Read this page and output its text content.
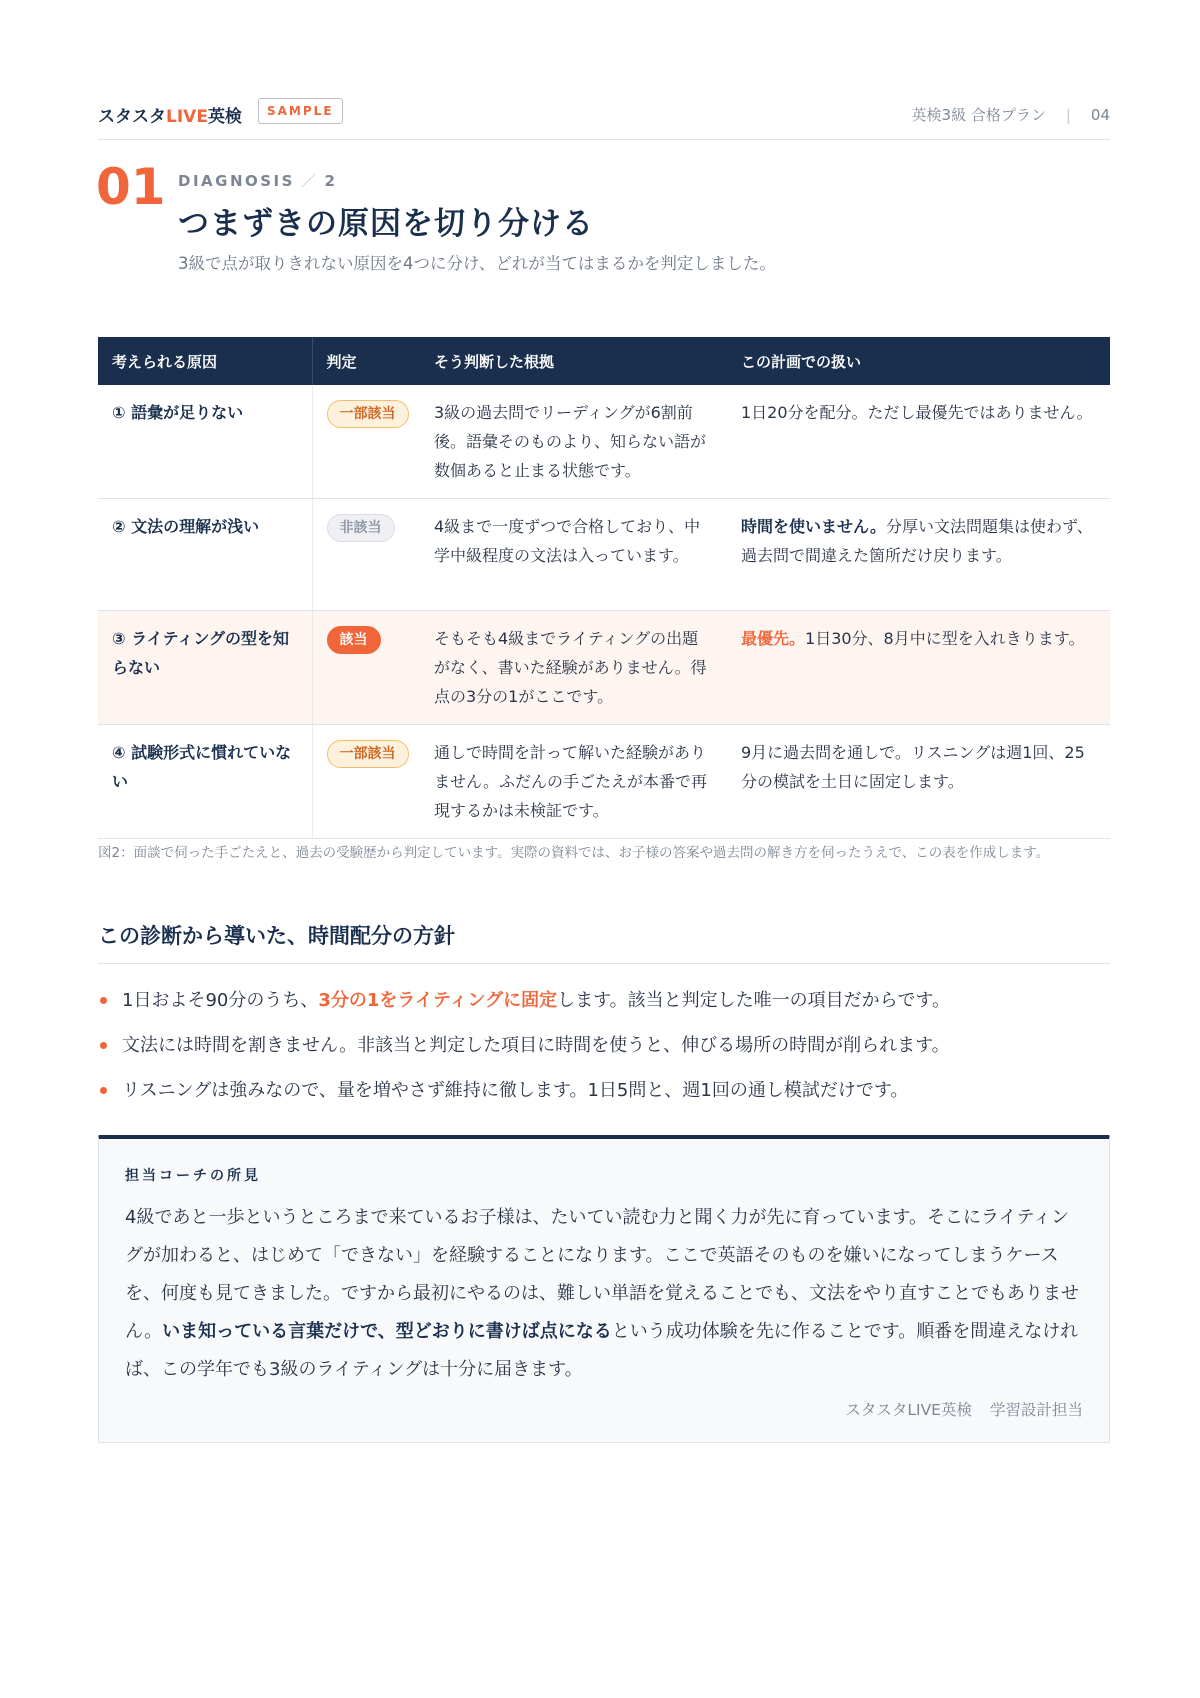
スタスタLIVE英検	SAMPLE	英検3級 合格プラン | 04
01 DIAGNOSIS ／ 2
つまずきの原因を切り分ける
3級で点が取りきれない原因を4つに分け、どれが当てはまるかを判定しました。
考えられる原因	判定	そう判断した根拠	この計画での扱い
① 語彙が足りない	一部該当	3級の過去問でリーディングが6割前後。語彙そのものより、知らない語が数個あると止まる状態です。	1日20分を配分。ただし最優先ではありません。
② 文法の理解が浅い	非該当	4級まで一度ずつで合格しており、中学中級程度の文法は入っています。	時間を使いません。分厚い文法問題集は使わず、過去問で間違えた箇所だけ戻ります。
③ ライティングの型を知らない	該当	そもそも4級までライティングの出題がなく、書いた経験がありません。得点の3分の1がここです。	最優先。1日30分、8月中に型を入れきります。
④ 試験形式に慣れていない	一部該当	通しで時間を計って解いた経験がありません。ふだんの手ごたえが本番で再現するかは未検証です。	9月に過去問を通しで。リスニングは週1回、25分の模試を土日に固定します。
図2：面談で伺った手ごたえと、過去の受験歴から判定しています。実際の資料では、お子様の答案や過去問の解き方を伺ったうえで、この表を作成します。
この診断から導いた、時間配分の方針
1日およそ90分のうち、3分の1をライティングに固定します。該当と判定した唯一の項目だからです。
文法には時間を割きません。非該当と判定した項目に時間を使うと、伸びる場所の時間が削られます。
リスニングは強みなので、量を増やさず維持に徹します。1日5問と、週1回の通し模試だけです。
担当コーチの所見
4級であと一歩というところまで来ているお子様は、たいてい読む力と聞く力が先に育っています。そこにライティングが加わると、はじめて「できない」を経験することになります。ここで英語そのものを嫌いになってしまうケースを、何度も見てきました。ですから最初にやるのは、難しい単語を覚えることでも、文法をやり直すことでもありません。いま知っている言葉だけで、型どおりに書けば点になるという成功体験を先に作ることです。順番を間違えなければ、この学年でも3級のライティングは十分に届きます。
スタスタLIVE英検 学習設計担当
